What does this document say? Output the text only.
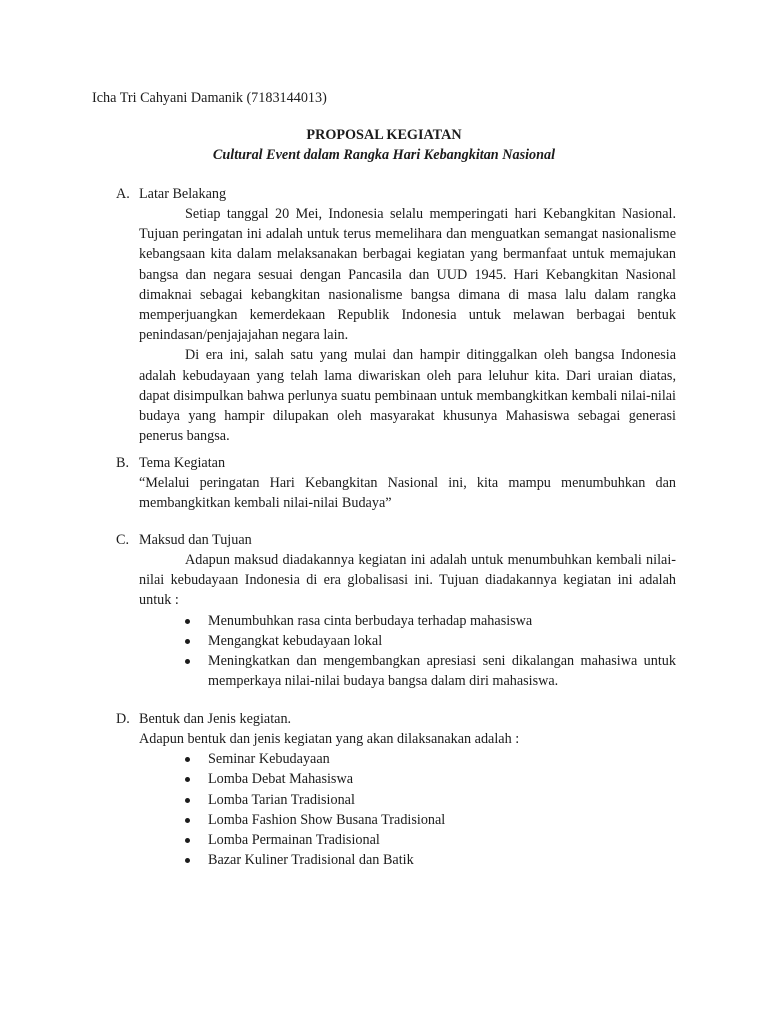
Icha Tri Cahyani Damanik (7183144013)
PROPOSAL KEGIATAN
Cultural Event dalam Rangka Hari Kebangkitan Nasional
A. Latar Belakang

Setiap tanggal 20 Mei, Indonesia selalu memperingati hari Kebangkitan Nasional. Tujuan peringatan ini adalah untuk terus memelihara dan menguatkan semangat nasionalisme kebangsaan kita dalam melaksanakan berbagai kegiatan yang bermanfaat untuk memajukan bangsa dan negara sesuai dengan Pancasila dan UUD 1945. Hari Kebangkitan Nasional dimaknai sebagai kebangkitan nasionalisme bangsa dimana di masa lalu dalam rangka memperjuangkan kemerdekaan Republik Indonesia untuk melawan berbagai bentuk penindasan/penjajajahan negara lain.

Di era ini, salah satu yang mulai dan hampir ditinggalkan oleh bangsa Indonesia adalah kebudayaan yang telah lama diwariskan oleh para leluhur kita. Dari uraian diatas, dapat disimpulkan bahwa perlunya suatu pembinaan untuk membangkitkan kembali nilai-nilai budaya yang hampir dilupakan oleh masyarakat khusunya Mahasiswa sebagai generasi penerus bangsa.

B. Tema Kegiatan

“Melalui peringatan Hari Kebangkitan Nasional ini, kita mampu menumbuhkan dan membangkitkan kembali nilai-nilai Budaya”

C. Maksud dan Tujuan

Adapun maksud diadakannya kegiatan ini adalah untuk menumbuhkan kembali nilai-nilai kebudayaan Indonesia di era globalisasi ini. Tujuan diadakannya kegiatan ini adalah untuk :

Menumbuhkan rasa cinta berbudaya terhadap mahasiswa
Mengangkat kebudayaan lokal
Meningkatkan dan mengembangkan apresiasi seni dikalangan mahasiwa untuk memperkaya nilai-nilai budaya bangsa dalam diri mahasiswa.
D. Bentuk dan Jenis kegiatan.

Adapun bentuk dan jenis kegiatan yang akan dilaksanakan adalah :

Seminar Kebudayaan
Lomba Debat Mahasiswa
Lomba Tarian Tradisional
Lomba Fashion Show Busana Tradisional
Lomba Permainan Tradisional
Bazar Kuliner Tradisional dan Batik
